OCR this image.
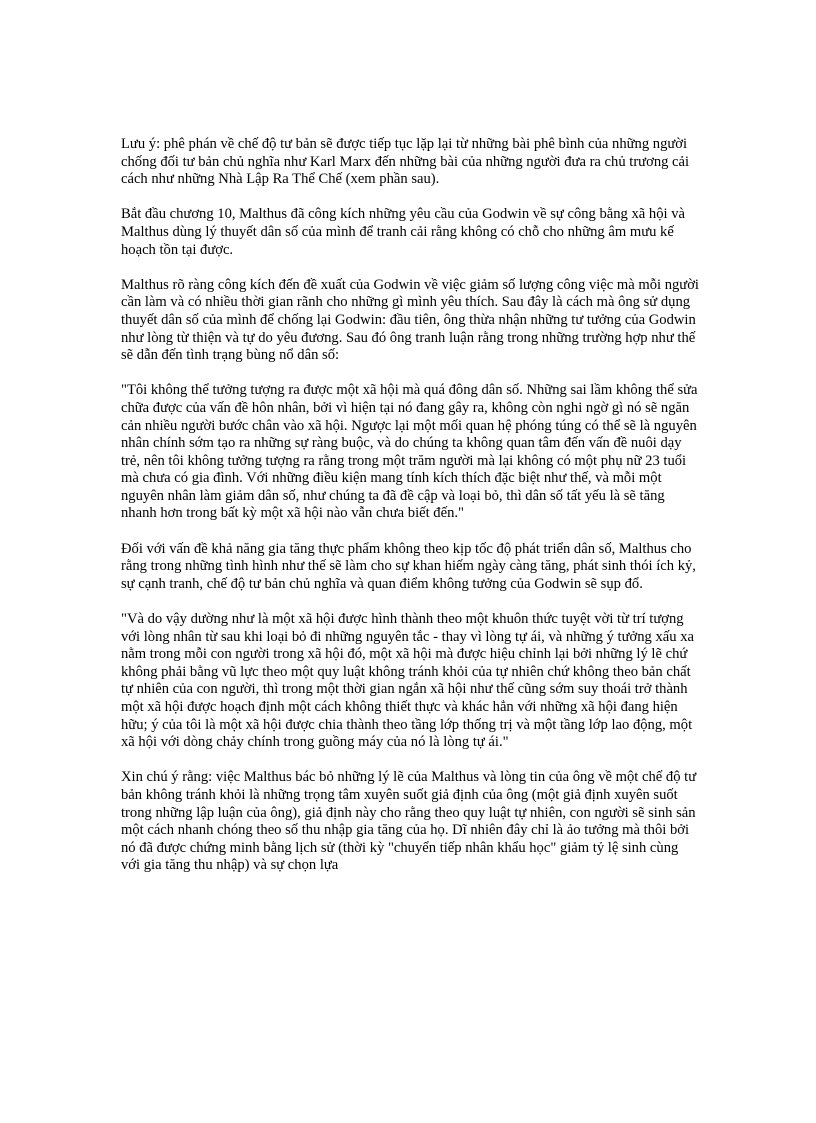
Lưu ý: phê phán về chế độ tư bản sẽ được tiếp tục lặp lại từ những bài phê bình của những người chống đối tư bản chủ nghĩa như Karl Marx đến những bài của những người đưa ra chủ trương cải cách như những Nhà Lập Ra Thể Chế (xem phần sau).

Bắt đầu chương 10, Malthus đã công kích những yêu cầu của Godwin về sự công bằng xã hội và Malthus dùng lý thuyết dân số của mình để tranh cải rằng không có chỗ cho những âm mưu kế hoạch tồn tại được.

Malthus rõ ràng công kích đến đề xuất của Godwin về việc giảm số lượng công việc mà mỗi người cần làm và có nhiều thời gian rãnh cho những gì mình yêu thích. Sau đây là cách mà ông sử dụng thuyết dân số của mình để chống lại Godwin: đầu tiên, ông thừa nhận những tư tưởng của Godwin như lòng từ thiện và tự do yêu đương. Sau đó ông tranh luận rằng trong những trường hợp như thế sẽ dẫn đến tình trạng bùng nổ dân số:

"Tôi không thể tưởng tượng ra được một xã hội mà quá đông dân số. Những sai lầm không thể sửa chữa được của vấn đề hôn nhân, bởi vì hiện tại nó đang gây ra, không còn nghi ngờ gì nó sẽ ngăn cản nhiều người bước chân vào xã hội. Ngược lại một mối quan hệ phóng túng có thể sẽ là nguyên nhân chính sớm tạo ra những sự ràng buộc, và do chúng ta không quan tâm đến vấn đề nuôi dạy trẻ, nên tôi không tưởng tượng ra rằng trong một trăm người mà lại không có một phụ nữ 23 tuổi mà chưa có gia đình. Với những điều kiện mang tính kích thích đặc biệt như thế, và mỗi một nguyên nhân làm giảm dân số, như chúng ta đã đề cập và loại bỏ, thì dân số tất yếu là sẽ tăng nhanh hơn trong bất kỳ một xã hội nào vẫn chưa biết đến."

Đối với vấn đề khả năng gia tăng thực phẩm không theo kịp tốc độ phát triển dân số, Malthus cho rằng trong những tình hình như thế sẽ làm cho sự khan hiếm ngày càng tăng, phát sinh thói ích kỷ, sự cạnh tranh, chế độ tư bản chủ nghĩa và quan điểm không tưởng của Godwin sẽ sụp đổ.

"Và do vậy dường như là một xã hội được hình thành theo một khuôn thức tuyệt vời từ trí tượng với lòng nhân từ sau khi loại bỏ đi những nguyên tắc - thay vì lòng tự ái, và những ý tưởng xấu xa nằm trong mỗi con người trong xã hội đó, một xã hội mà được hiệu chỉnh lại bởi những lý lẽ chứ không phải bằng vũ lực theo một quy luật không tránh khỏi của tự nhiên chứ không theo bản chất tự nhiên của con người, thì trong một thời gian ngắn xã hội như thế cũng sớm suy thoái trở thành một xã hội được hoạch định một cách không thiết thực và khác hẳn với những xã hội đang hiện hữu; ý của tôi là một xã hội được chia thành theo tầng lớp thống trị và một tầng lớp lao động, một xã hội với dòng chảy chính trong guồng máy của nó là lòng tự ái."

Xin chú ý rằng: việc Malthus bác bỏ những lý lẽ của Malthus và lòng tin của ông về một chế độ tư bản không tránh khỏi là những trọng tâm xuyên suốt giả định của ông (một giả định xuyên suốt trong những lập luận của ông), giả định này cho rằng theo quy luật tự nhiên, con người sẽ sinh sản một cách nhanh chóng theo số thu nhập gia tăng của họ. Dĩ nhiên đây chỉ là ảo tưởng mà thôi bởi nó đã được chứng minh bằng lịch sử (thời kỳ "chuyển tiếp nhân khẩu học" giảm tỷ lệ sinh cùng với gia tăng thu nhập) và sự chọn lựa
